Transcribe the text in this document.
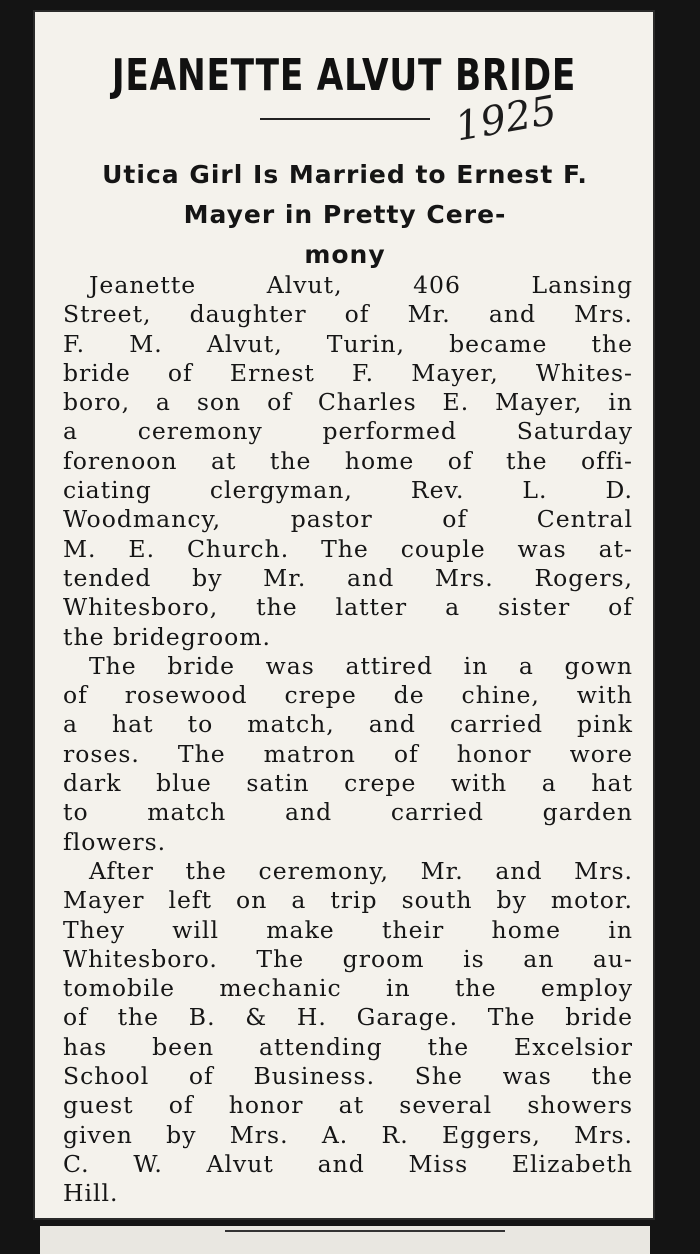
JEANETTE ALVUT BRIDE
1925
Utica Girl Is Married to Ernest F.
Mayer in Pretty Cere-
mony
Jeanette Alvut, 406 Lansing
Street, daughter of Mr. and Mrs.
F. M. Alvut, Turin, became the
bride of Ernest F. Mayer, Whites-
boro, a son of Charles E. Mayer, in
a ceremony performed Saturday
forenoon at the home of the offi-
ciating clergyman, Rev. L. D.
Woodmancy, pastor of Central
M. E. Church. The couple was at-
tended by Mr. and Mrs. Rogers,
Whitesboro, the latter a sister of
the bridegroom.
The bride was attired in a gown
of rosewood crepe de chine, with
a hat to match, and carried pink
roses. The matron of honor wore
dark blue satin crepe with a hat
to match and carried garden
flowers.
After the ceremony, Mr. and Mrs.
Mayer left on a trip south by motor.
They will make their home in
Whitesboro. The groom is an au-
tomobile mechanic in the employ
of the B. & H. Garage. The bride
has been attending the Excelsior
School of Business. She was the
guest of honor at several showers
given by Mrs. A. R. Eggers, Mrs.
C. W. Alvut and Miss Elizabeth
Hill.
